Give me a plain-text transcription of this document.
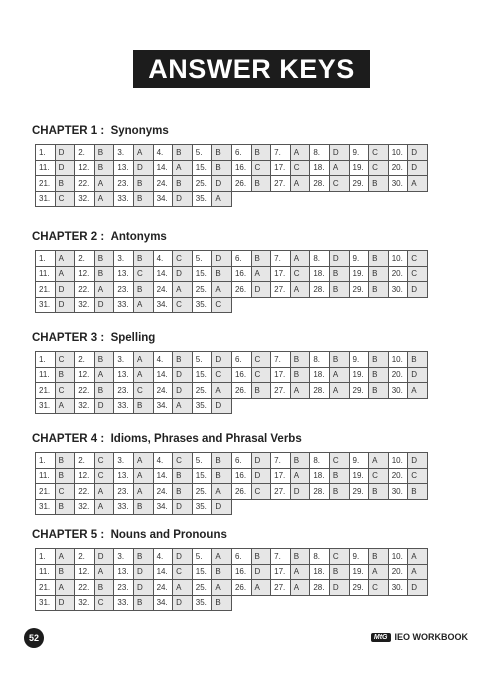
ANSWER KEYS
CHAPTER 1 : Synonyms
1.	D	2.	B	3.	A	4.	B	5.	B	6.	B	7.	A	8.	D	9.	C	10.	D
11.	D	12.	B	13.	D	14.	A	15.	B	16.	C	17.	C	18.	A	19.	C	20.	D
21.	B	22.	A	23.	B	24.	B	25.	D	26.	B	27.	A	28.	C	29.	B	30.	A
31.	C	32.	A	33.	B	34.	D	35.	A										
CHAPTER 2 : Antonyms
1.	A	2.	B	3.	B	4.	C	5.	D	6.	B	7.	A	8.	D	9.	B	10.	C
11.	A	12.	B	13.	C	14.	D	15.	B	16.	A	17.	C	18.	B	19.	B	20.	C
21.	D	22.	A	23.	B	24.	A	25.	A	26.	D	27.	A	28.	B	29.	B	30.	D
31.	D	32.	D	33.	A	34.	C	35.	C										
CHAPTER 3 : Spelling
1.	C	2.	B	3.	A	4.	B	5.	D	6.	C	7.	B	8.	B	9.	B	10.	B
11.	B	12.	A	13.	A	14.	D	15.	C	16.	C	17.	B	18.	A	19.	B	20.	D
21.	C	22.	B	23.	C	24.	D	25.	A	26.	B	27.	A	28.	A	29.	B	30.	A
31.	A	32.	D	33.	B	34.	A	35.	D										
CHAPTER 4 : Idioms, Phrases and Phrasal Verbs
1.	B	2.	C	3.	A	4.	C	5.	B	6.	D	7.	B	8.	C	9.	A	10.	D
11.	B	12.	C	13.	A	14.	B	15.	B	16.	D	17.	A	18.	B	19.	C	20.	C
21.	C	22.	A	23.	A	24.	B	25.	A	26.	C	27.	D	28.	B	29.	B	30.	B
31.	B	32.	A	33.	B	34.	D	35.	D										
CHAPTER 5 : Nouns and Pronouns
1.	A	2.	D	3.	B	4.	D	5.	A	6.	B	7.	B	8.	C	9.	B	10.	A
11.	B	12.	A	13.	D	14.	C	15.	B	16.	D	17.	A	18.	B	19.	A	20.	A
21.	A	22.	B	23.	D	24.	A	25.	A	26.	A	27.	A	28.	D	29.	C	30.	D
31.	D	32.	C	33.	B	34.	D	35.	B										
52	MtG IEO WORKBOOK
